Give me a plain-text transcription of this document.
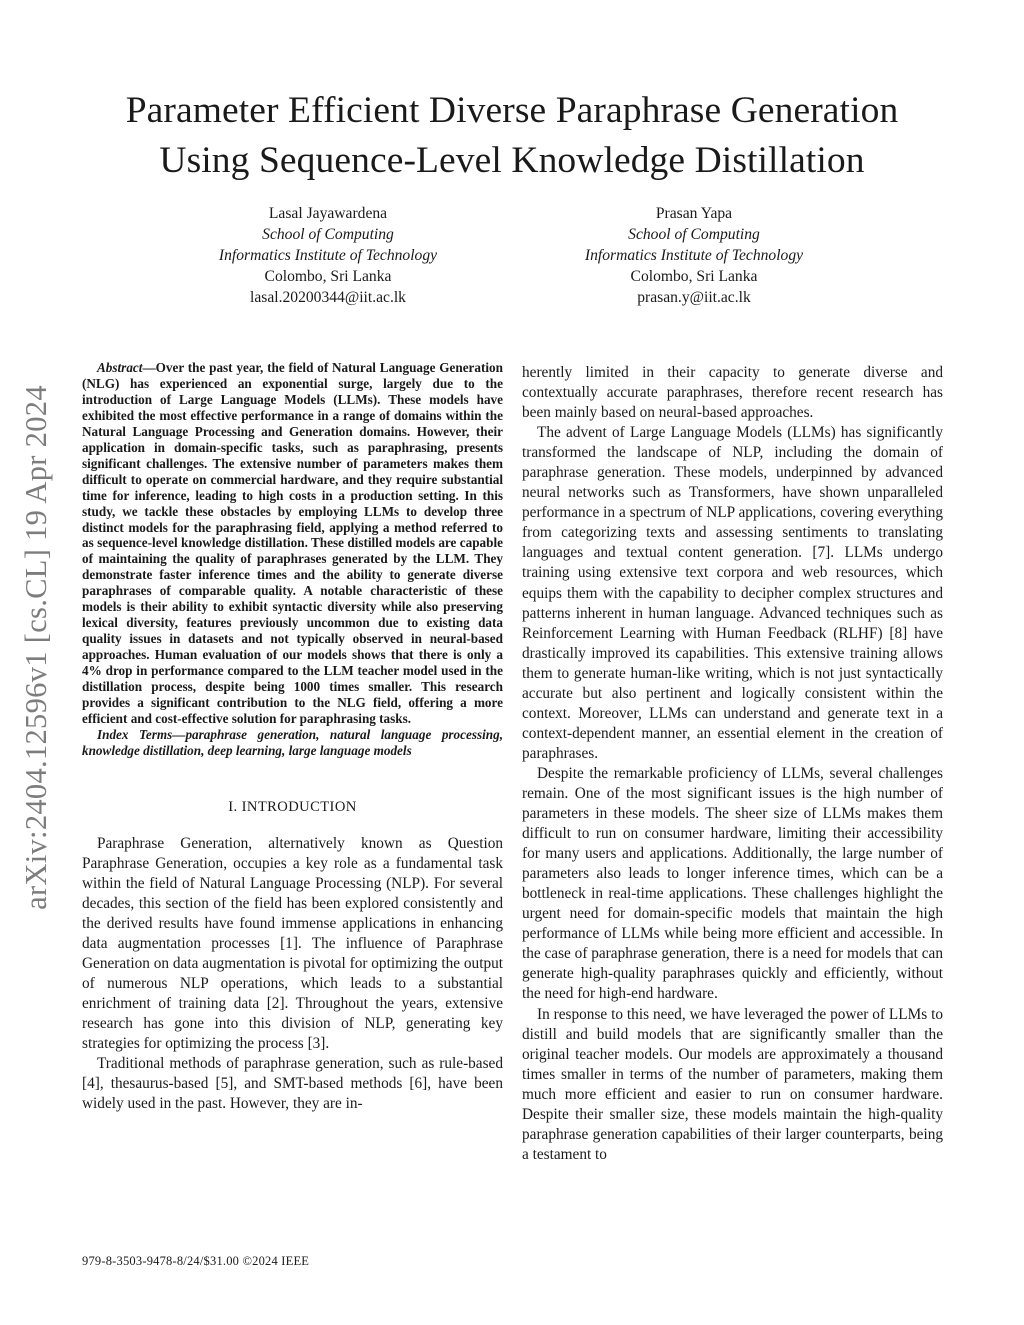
Parameter Efficient Diverse Paraphrase Generation
Using Sequence-Level Knowledge Distillation
Lasal Jayawardena
School of Computing
Informatics Institute of Technology
Colombo, Sri Lanka
lasal.20200344@iit.ac.lk
Prasan Yapa
School of Computing
Informatics Institute of Technology
Colombo, Sri Lanka
prasan.y@iit.ac.lk
arXiv:2404.12596v1 [cs.CL] 19 Apr 2024

Abstract—Over the past year, the field of Natural Language Generation (NLG) has experienced an exponential surge, largely due to the introduction of Large Language Models (LLMs). These models have exhibited the most effective performance in a range of domains within the Natural Language Processing and Generation domains. However, their application in domain-specific tasks, such as paraphrasing, presents significant challenges. The extensive number of parameters makes them difficult to operate on commercial hardware, and they require substantial time for inference, leading to high costs in a production setting. In this study, we tackle these obstacles by employing LLMs to develop three distinct models for the paraphrasing field, applying a method referred to as sequence-level knowledge distillation. These distilled models are capable of maintaining the quality of paraphrases generated by the LLM. They demonstrate faster inference times and the ability to generate diverse paraphrases of comparable quality. A notable characteristic of these models is their ability to exhibit syntactic diversity while also preserving lexical diversity, features previously uncommon due to existing data quality issues in datasets and not typically observed in neural-based approaches. Human evaluation of our models shows that there is only a 4% drop in performance compared to the LLM teacher model used in the distillation process, despite being 1000 times smaller. This research provides a significant contribution to the NLG field, offering a more efficient and cost-effective solution for paraphrasing tasks.

Index Terms—paraphrase generation, natural language processing, knowledge distillation, deep learning, large language models

I. INTRODUCTION

Paraphrase Generation, alternatively known as Question Paraphrase Generation, occupies a key role as a fundamental task within the field of Natural Language Processing (NLP). For several decades, this section of the field has been explored consistently and the derived results have found immense applications in enhancing data augmentation processes [1]. The influence of Paraphrase Generation on data augmentation is pivotal for optimizing the output of numerous NLP operations, which leads to a substantial enrichment of training data [2]. Throughout the years, extensive research has gone into this division of NLP, generating key strategies for optimizing the process [3].

Traditional methods of paraphrase generation, such as rule-based [4], thesaurus-based [5], and SMT-based methods [6], have been widely used in the past. However, they are in-

herently limited in their capacity to generate diverse and contextually accurate paraphrases, therefore recent research has been mainly based on neural-based approaches.

The advent of Large Language Models (LLMs) has significantly transformed the landscape of NLP, including the domain of paraphrase generation. These models, underpinned by advanced neural networks such as Transformers, have shown unparalleled performance in a spectrum of NLP applications, covering everything from categorizing texts and assessing sentiments to translating languages and textual content generation. [7]. LLMs undergo training using extensive text corpora and web resources, which equips them with the capability to decipher complex structures and patterns inherent in human language. Advanced techniques such as Reinforcement Learning with Human Feedback (RLHF) [8] have drastically improved its capabilities. This extensive training allows them to generate human-like writing, which is not just syntactically accurate but also pertinent and logically consistent within the context. Moreover, LLMs can understand and generate text in a context-dependent manner, an essential element in the creation of paraphrases.

Despite the remarkable proficiency of LLMs, several challenges remain. One of the most significant issues is the high number of parameters in these models. The sheer size of LLMs makes them difficult to run on consumer hardware, limiting their accessibility for many users and applications. Additionally, the large number of parameters also leads to longer inference times, which can be a bottleneck in real-time applications. These challenges highlight the urgent need for domain-specific models that maintain the high performance of LLMs while being more efficient and accessible. In the case of paraphrase generation, there is a need for models that can generate high-quality paraphrases quickly and efficiently, without the need for high-end hardware.

In response to this need, we have leveraged the power of LLMs to distill and build models that are significantly smaller than the original teacher models. Our models are approximately a thousand times smaller in terms of the number of parameters, making them much more efficient and easier to run on consumer hardware. Despite their smaller size, these models maintain the high-quality paraphrase generation capabilities of their larger counterparts, being a testament to

979-8-3503-9478-8/24/$31.00 ©2024 IEEE
